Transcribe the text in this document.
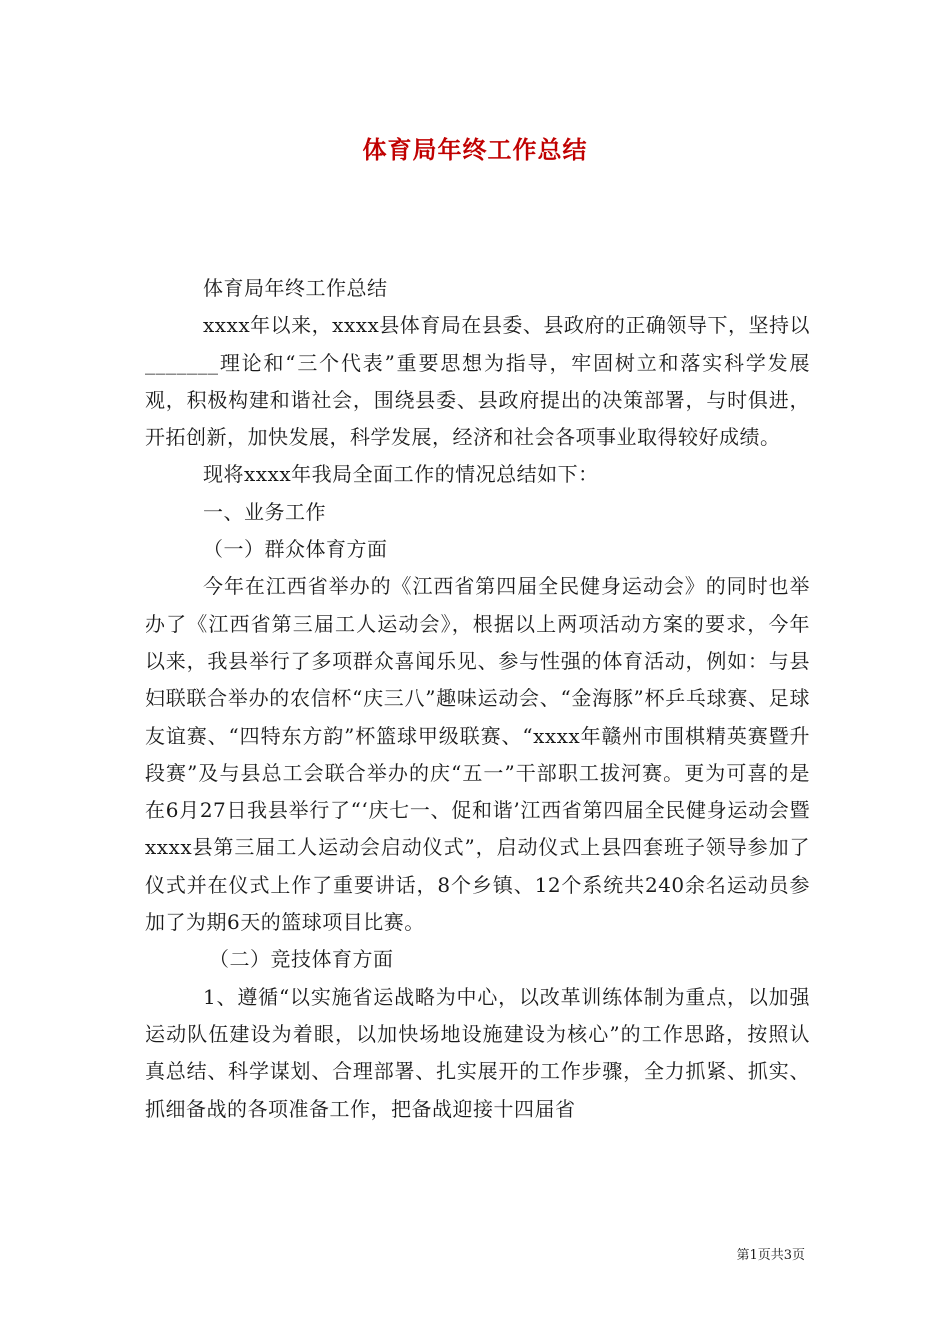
体育局年终工作总结

体育局年终工作总结

xxxx年以来，xxxx县体育局在县委、县政府的正确领导下，坚持以_______理论和“三个代表”重要思想为指导，牢固树立和落实科学发展观，积极构建和谐社会，围绕县委、县政府提出的决策部署，与时俱进，开拓创新，加快发展，科学发展，经济和社会各项事业取得较好成绩。

现将xxxx年我局全面工作的情况总结如下：

一、业务工作

（一）群众体育方面

今年在江西省举办的《江西省第四届全民健身运动会》的同时也举办了《江西省第三届工人运动会》，根据以上两项活动方案的要求，今年以来，我县举行了多项群众喜闻乐见、参与性强的体育活动，例如：与县妇联联合举办的农信杯“庆三八”趣味运动会、“金海豚”杯乒乓球赛、足球友谊赛、“四特东方韵”杯篮球甲级联赛、“xxxx年赣州市围棋精英赛暨升段赛”及与县总工会联合举办的庆“五一”干部职工拔河赛。更为可喜的是在6月27日我县举行了“‘庆七一、促和谐’江西省第四届全民健身运动会暨xxxx县第三届工人运动会启动仪式”，启动仪式上县四套班子领导参加了仪式并在仪式上作了重要讲话，8个乡镇、12个系统共240余名运动员参加了为期6天的篮球项目比赛。

（二）竞技体育方面

1、遵循“以实施省运战略为中心，以改革训练体制为重点，以加强运动队伍建设为着眼，以加快场地设施建设为核心”的工作思路，按照认真总结、科学谋划、合理部署、扎实展开的工作步骤，全力抓紧、抓实、抓细备战的各项准备工作，把备战迎接十四届省

第1页共3页
